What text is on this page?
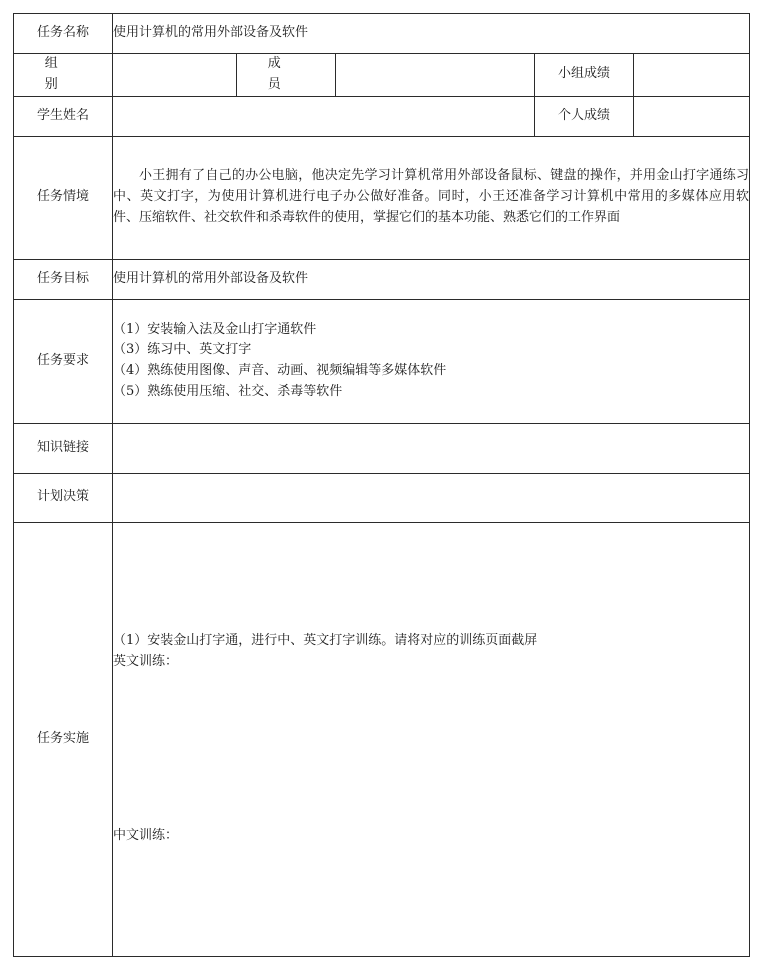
任务名称	使用计算机的常用外部设备及软件				
组 别		成 员		小组成绩	
学生姓名				个人成绩	
任务情境	小王拥有了自己的办公电脑，他决定先学习计算机常用外部设备鼠标、键盘的操作，并用金山打字通练习中、英文打字，为使用计算机进行电子办公做好准备。同时，小王还准备学习计算机中常用的多媒体应用软件、压缩软件、社交软件和杀毒软件的使用，掌握它们的基本功能、熟悉它们的工作界面				
任务目标	使用计算机的常用外部设备及软件				
任务要求	（1）安装输入法及金山打字通软件
（3）练习中、英文打字
（4）熟练使用图像、声音、动画、视频编辑等多媒体软件
（5）熟练使用压缩、社交、杀毒等软件				

知识链接					
计划决策					
任务实施	（1）安装金山打字通，进行中、英文打字训练。请将对应的训练页面截屏
英文训练：
中文训练：				
